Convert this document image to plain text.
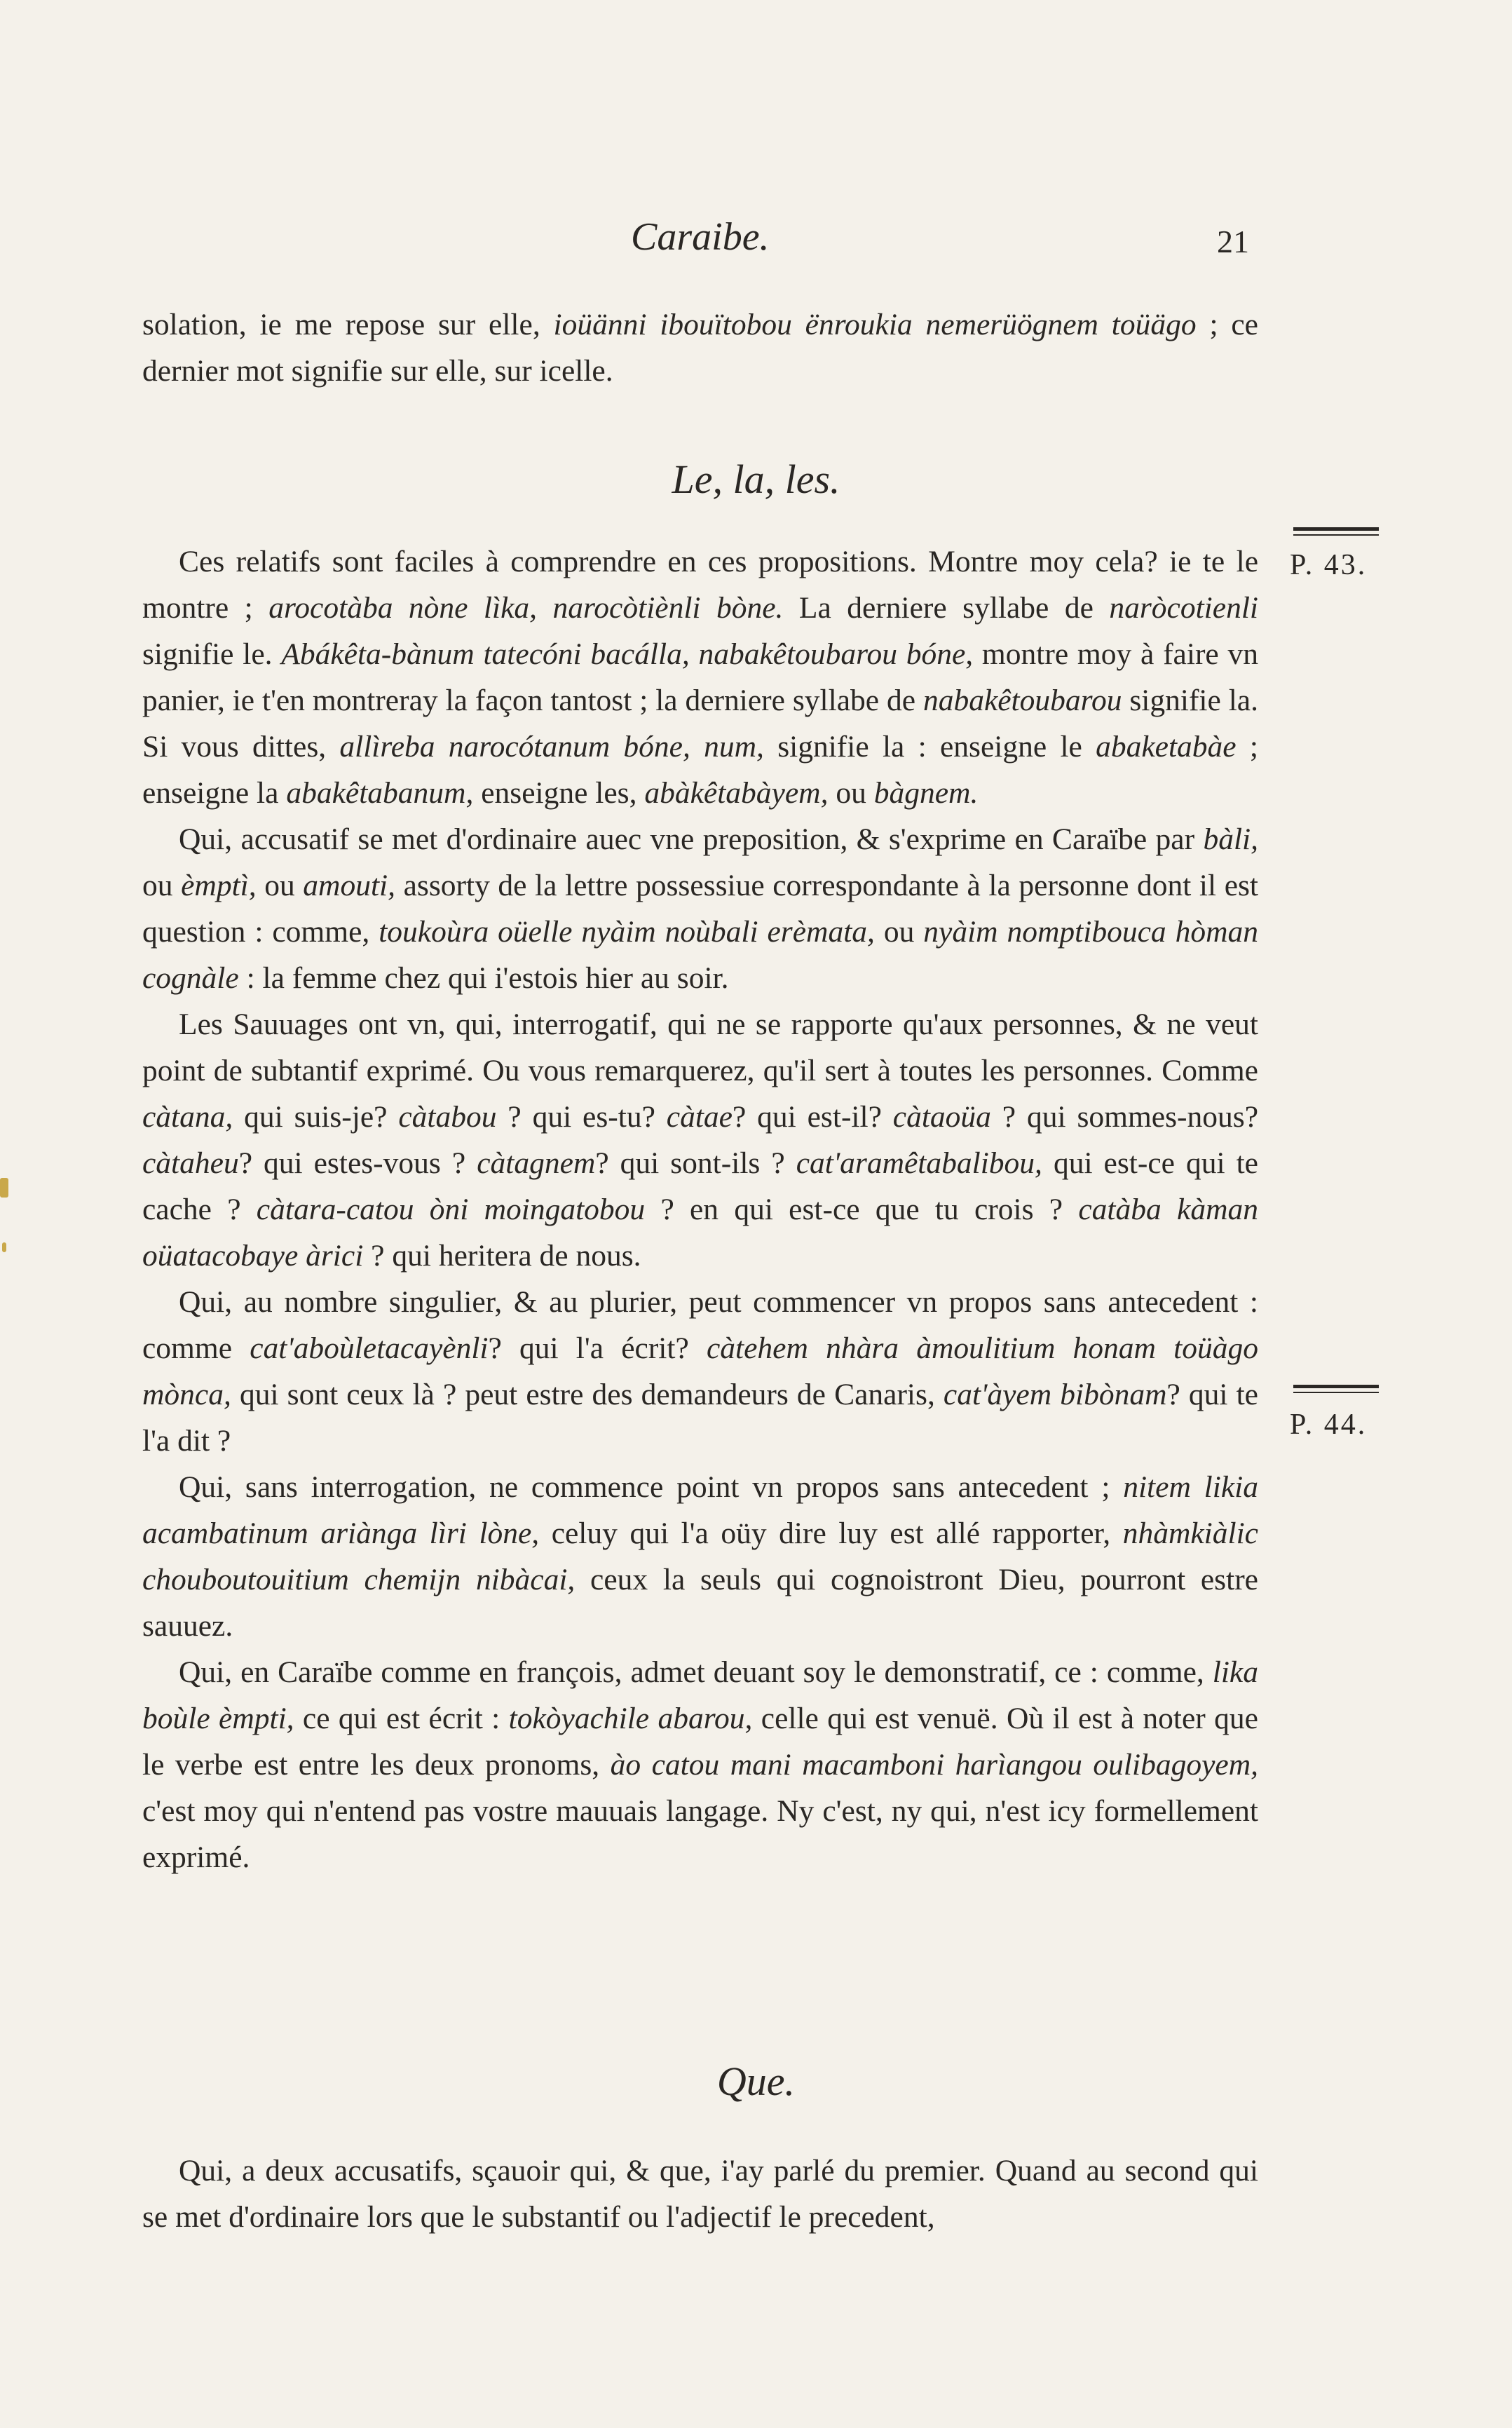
Caraibe.	21

solation, ie me repose sur elle, ioüänni ibouïtobou ënroukia nemerüögnem toüägo ; ce dernier mot signifie sur elle, sur icelle.

Le, la, les.
P. 43.

Ces relatifs sont faciles à comprendre en ces propositions. Montre moy cela? ie te le montre ; arocotàba nòne lìka, narocòtiènli bòne. La derniere syllabe de naròcotienli signifie le. Abákêta-bànum tatecóni bacálla, nabakêtoubarou bóne, montre moy à faire vn panier, ie t'en montreray la façon tantost ; la derniere syllabe de nabakêtoubarou signifie la. Si vous dittes, allìreba narocótanum bóne, num, signifie la : enseigne le abaketabàe ; enseigne la abakêtabanum, enseigne les, abàkêtabàyem, ou bàgnem.

Qui, accusatif se met d'ordinaire auec vne preposition, & s'exprime en Caraïbe par bàli, ou èmptì, ou amouti, assorty de la lettre possessiue correspondante à la personne dont il est question : comme, toukoùra oüelle nyàim noùbali erèmata, ou nyàim nomptibouca hòman cognàle : la femme chez qui i'estois hier au soir.

Les Sauuages ont vn, qui, interrogatif, qui ne se rapporte qu'aux personnes, & ne veut point de subtantif exprimé. Ou vous remarquerez, qu'il sert à toutes les personnes. Comme càtana, qui suis-je? càtabou ? qui es-tu? càtae? qui est-il? càtaoüa ? qui sommes-nous? càtaheu? qui estes-vous ? càtagnem? qui sont-ils ? cat'aramêtabalibou, qui est-ce qui te cache ? càtara-catou òni moingatobou ? en qui est-ce que tu crois ? catàba kàman oüatacobaye àrici ? qui heritera de nous.

Qui, au nombre singulier, & au plurier, peut commencer vn propos sans antecedent : comme cat'aboùletacayènli? qui l'a écrit? càtehem nhàra àmoulitium honam toüàgo mònca, qui sont ceux là ? peut estre des demandeurs de Canaris, cat'àyem bibònam? qui te l'a dit ?

Qui, sans interrogation, ne commence point vn propos sans antecedent ; nitem likia acambatinum ariànga lìri lòne, celuy qui l'a oüy dire luy est allé rapporter, nhàmkiàlic chouboutouitium chemijn nibàcai, ceux la seuls qui cognoistront Dieu, pourront estre sauuez.

Qui, en Caraïbe comme en françois, admet deuant soy le demonstratif, ce : comme, lika boùle èmpti, ce qui est écrit : tokòyachile abarou, celle qui est venuë. Où il est à noter que le verbe est entre les deux pronoms, ào catou mani macamboni harìangou oulibagoyem, c'est moy qui n'entend pas vostre mauuais langage. Ny c'est, ny qui, n'est icy formellement exprimé.

P. 44.
Que.

Qui, a deux accusatifs, sçauoir qui, & que, i'ay parlé du premier. Quand au second qui se met d'ordinaire lors que le substantif ou l'adjectif le precedent,
